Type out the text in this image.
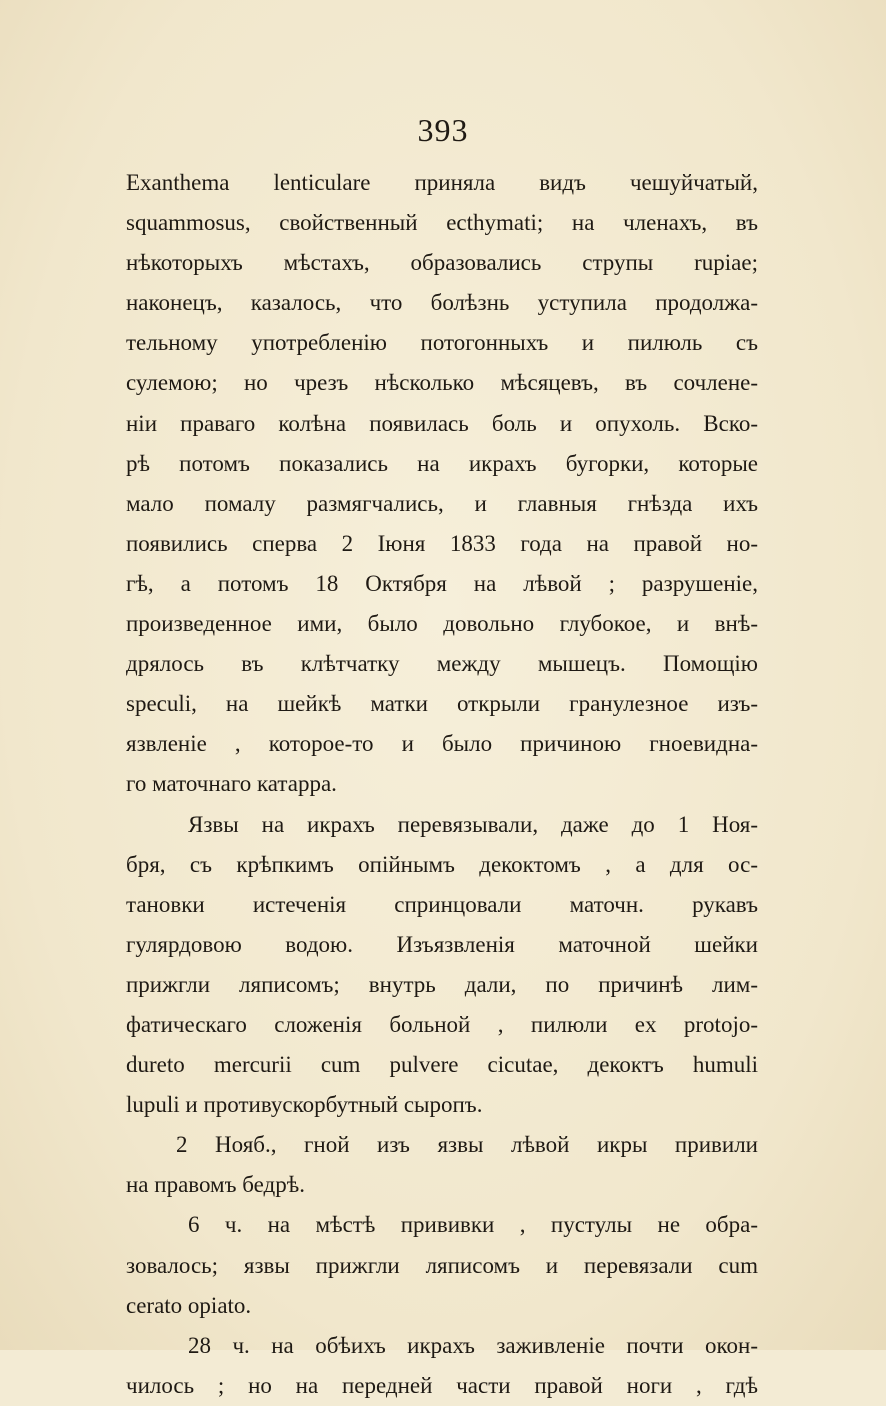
393
Exanthema lenticulare приняла видъ чешуйчатый,
squammosus, свойственный ecthymati; на членахъ, въ
нѣкоторыхъ мѣстахъ, образовались струпы rupiae;
наконецъ, казалось, что болѣзнь уступила продолжа-
тельному употребленію потогонныхъ и пилюль съ
сулемою; но чрезъ нѣсколько мѣсяцевъ, въ сочлене-
ніи праваго колѣна появилась боль и опухоль. Вско-
рѣ потомъ показались на икрахъ бугорки, которые
мало помалу размягчались, и главныя гнѣзда ихъ
появились сперва 2 Іюня 1833 года на правой но-
гѣ, а потомъ 18 Октября на лѣвой ; разрушеніе,
произведенное ими, было довольно глубокое, и внѣ-
дрялось въ клѣтчатку между мышецъ. Помощію
speculi, на шейкѣ матки открыли гранулезное изъ-
язвленіе , которое-то и было причиною гноевидна-
го маточнаго катарра.
Язвы на икрахъ перевязывали, даже до 1 Ноя-
бря, съ крѣпкимъ опійнымъ декоктомъ , а для ос-
тановки истеченія спринцовали маточн. рукавъ
гулярдовою водою. Изъязвленія маточной шейки
прижгли ляписомъ; внутрь дали, по причинѣ лим-
фатическаго сложенія больной , пилюли ex protojo-
dureto mercurii cum pulvere cicutae, декоктъ humuli
lupuli и противускорбутный сыропъ.
2 Нояб., гной изъ язвы лѣвой икры привили
на правомъ бедрѣ.
6 ч. на мѣстѣ прививки , пустулы не обра-
зовалось; язвы прижгли ляписомъ и перевязали cum
cerato opiato.
28 ч. на обѣихъ икрахъ заживленіе почти окон-
чилось ; но на передней части правой ноги , гдѣ
